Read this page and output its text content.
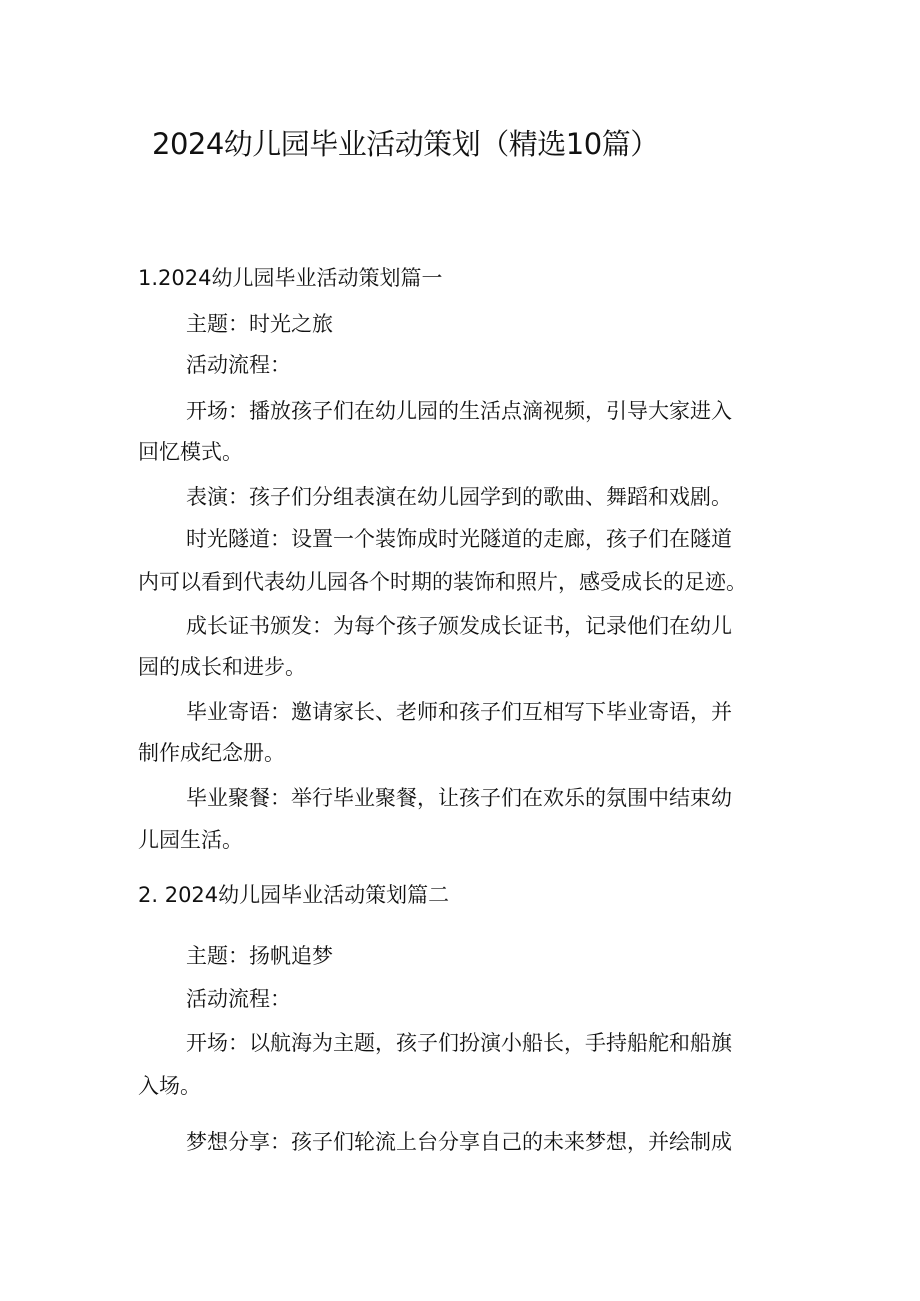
2024幼儿园毕业活动策划（精选10篇）
1.2024幼儿园毕业活动策划篇一
主题：时光之旅
活动流程：
开场：播放孩子们在幼儿园的生活点滴视频，引导大家进入
回忆模式。
表演：孩子们分组表演在幼儿园学到的歌曲、舞蹈和戏剧。
时光隧道：设置一个装饰成时光隧道的走廊，孩子们在隧道
内可以看到代表幼儿园各个时期的装饰和照片，感受成长的足迹。
成长证书颁发：为每个孩子颁发成长证书，记录他们在幼儿
园的成长和进步。
毕业寄语：邀请家长、老师和孩子们互相写下毕业寄语，并
制作成纪念册。
毕业聚餐：举行毕业聚餐，让孩子们在欢乐的氛围中结束幼
儿园生活。
2. 2024幼儿园毕业活动策划篇二
主题：扬帆追梦
活动流程：
开场：以航海为主题，孩子们扮演小船长，手持船舵和船旗
入场。
梦想分享：孩子们轮流上台分享自己的未来梦想，并绘制成
